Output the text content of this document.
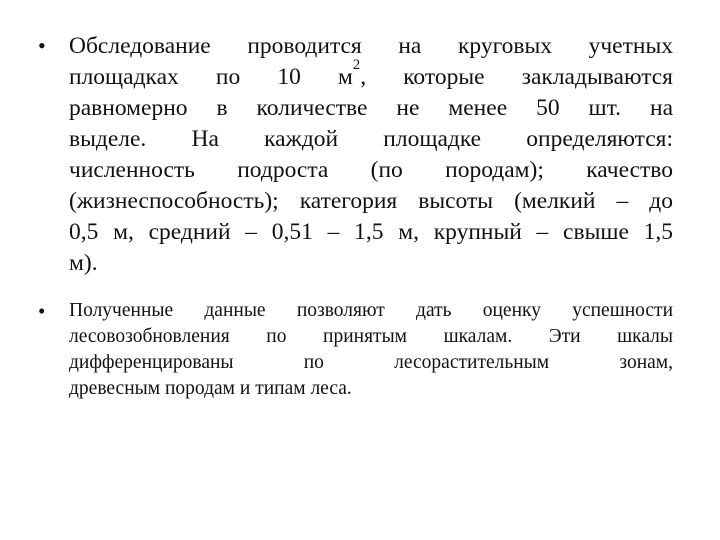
• Обследование проводится на круговых учетных
площадках по 10 $м^2$, которые закладываются
равномерно в количестве не менее 50 шт. на
выделе. На каждой площадке определяются:
численность подроста (по породам); качество
(жизнеспособность); категория высоты (мелкий – до
0,5 м, средний – 0,51 – 1,5 м, крупный – свыше 1,5
м).
• Полученные данные позволяют дать оценку успешности
лесовозобновления по принятым шкалам. Эти шкалы
дифференцированы по лесорастительным зонам,
древесным породам и типам леса.
